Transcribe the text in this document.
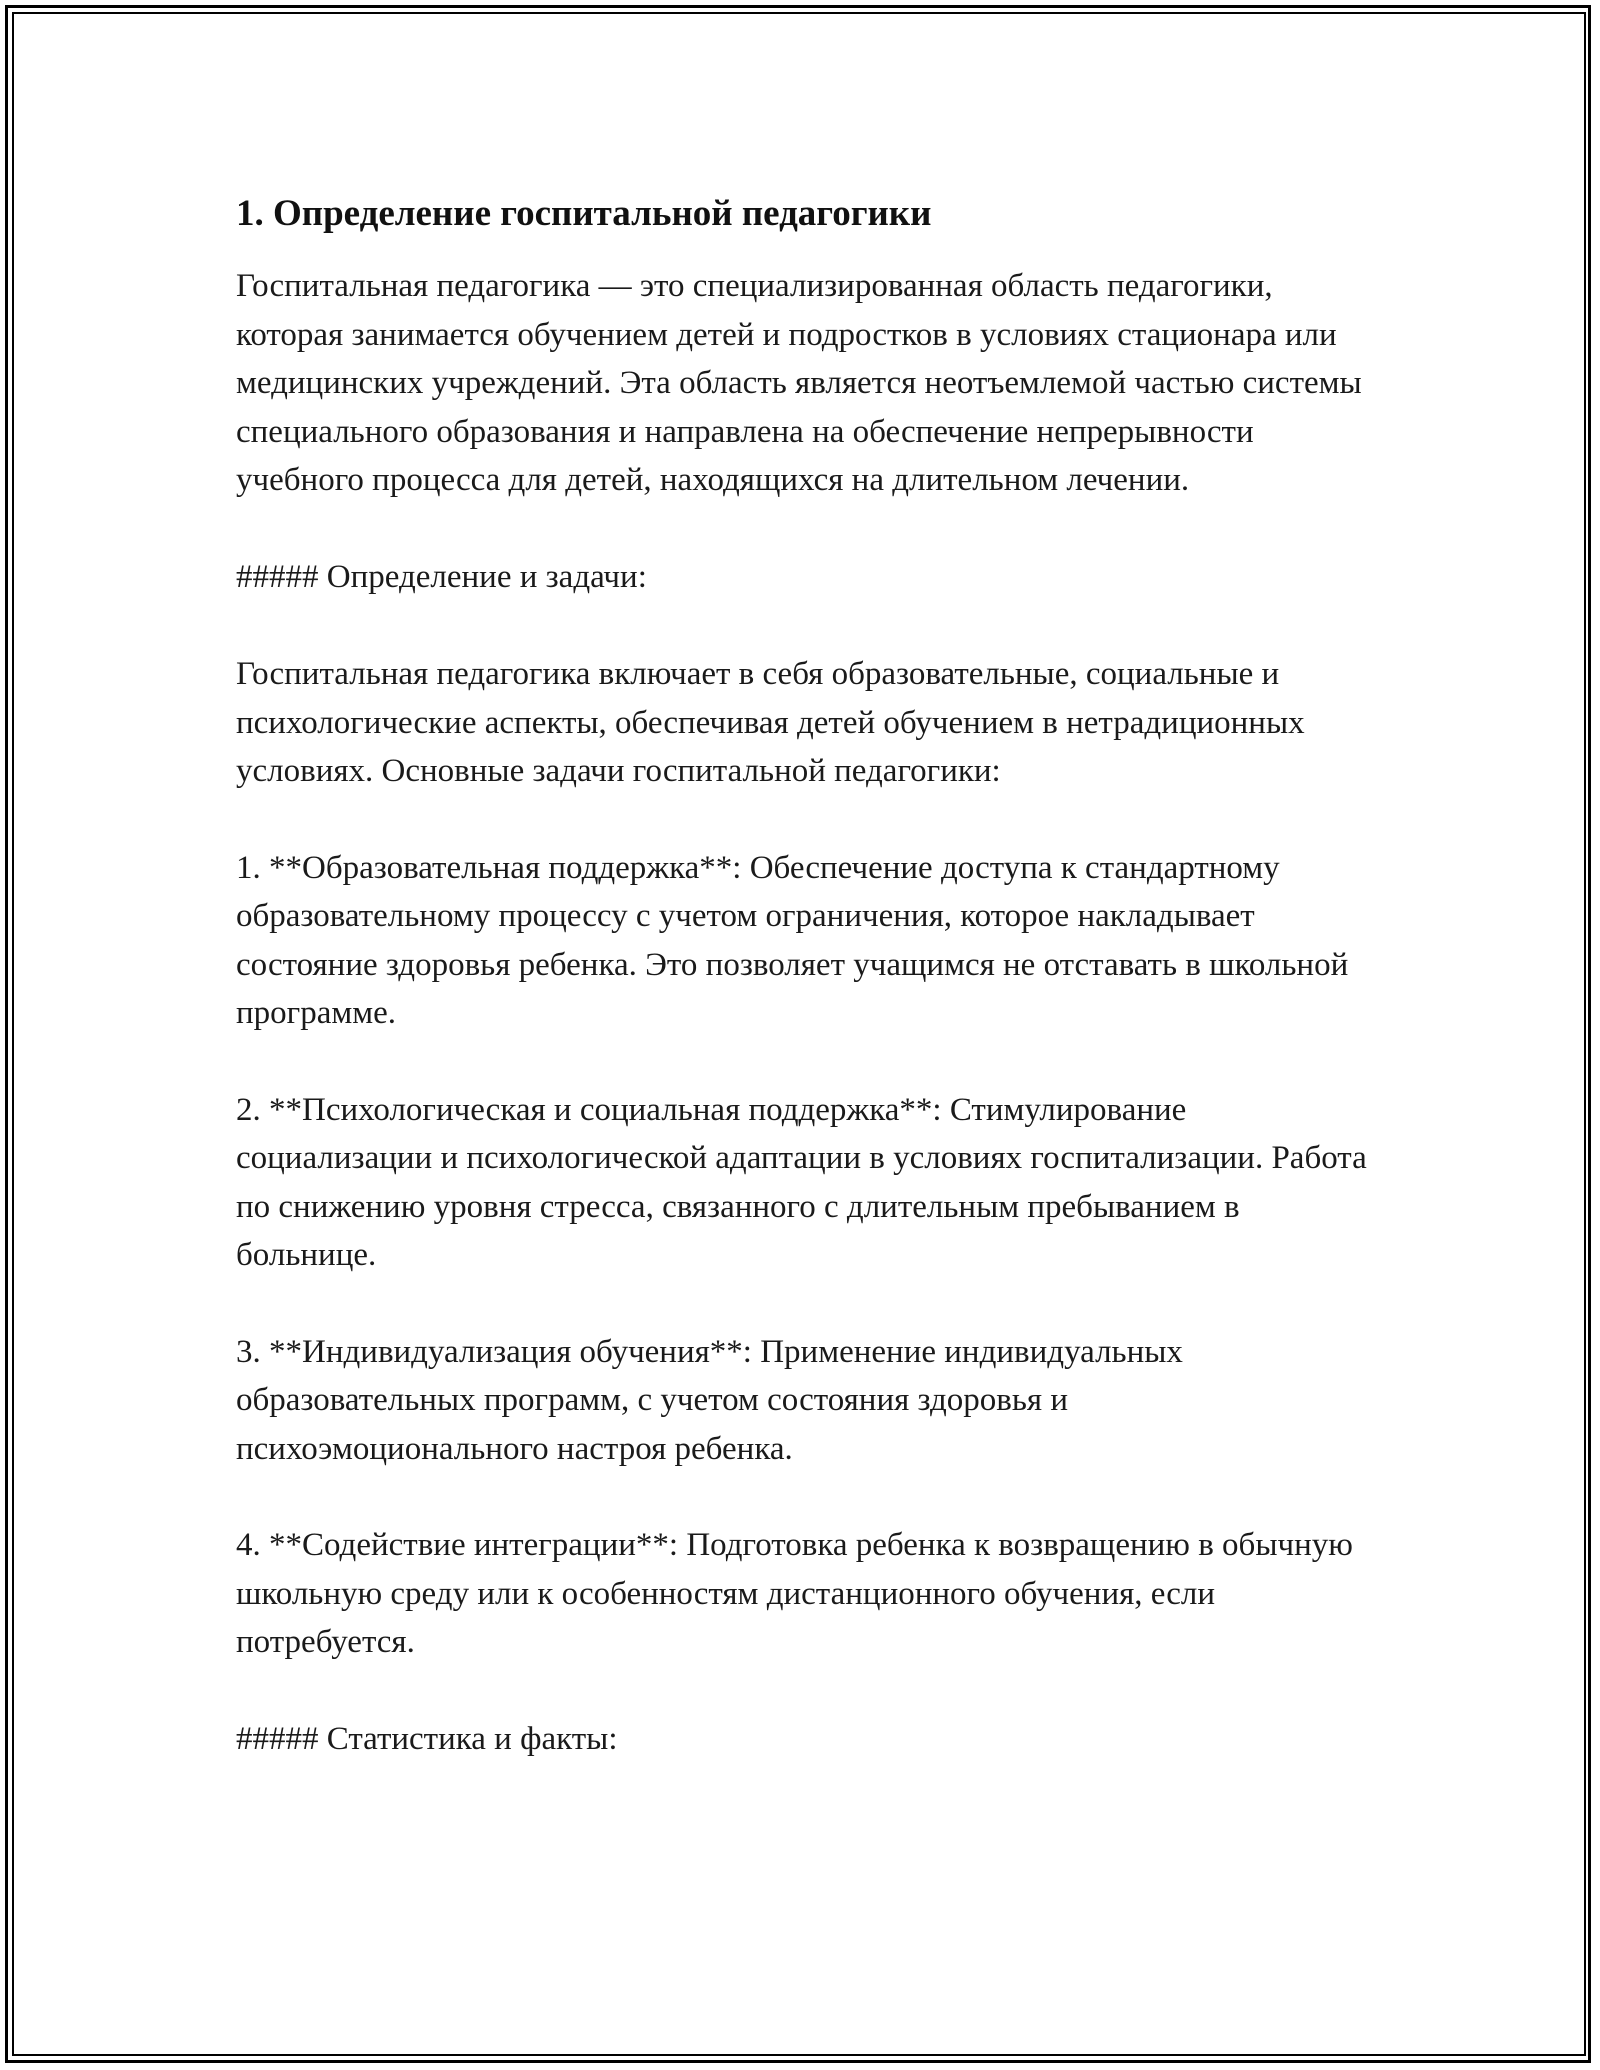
1. Определение госпитальной педагогики

Госпитальная педагогика — это специализированная область педагогики, которая занимается обучением детей и подростков в условиях стационара или медицинских учреждений. Эта область является неотъемлемой частью системы специального образования и направлена на обеспечение непрерывности учебного процесса для детей, находящихся на длительном лечении.

##### Определение и задачи:

Госпитальная педагогика включает в себя образовательные, социальные и психологические аспекты, обеспечивая детей обучением в нетрадиционных условиях. Основные задачи госпитальной педагогики:

1. **Образовательная поддержка**: Обеспечение доступа к стандартному образовательному процессу с учетом ограничения, которое накладывает состояние здоровья ребенка. Это позволяет учащимся не отставать в школьной программе.

2. **Психологическая и социальная поддержка**: Стимулирование социализации и психологической адаптации в условиях госпитализации. Работа по снижению уровня стресса, связанного с длительным пребыванием в больнице.

3. **Индивидуализация обучения**: Применение индивидуальных образовательных программ, с учетом состояния здоровья и психоэмоционального настроя ребенка.

4. **Содействие интеграции**: Подготовка ребенка к возвращению в обычную школьную среду или к особенностям дистанционного обучения, если потребуется.

##### Статистика и факты:
